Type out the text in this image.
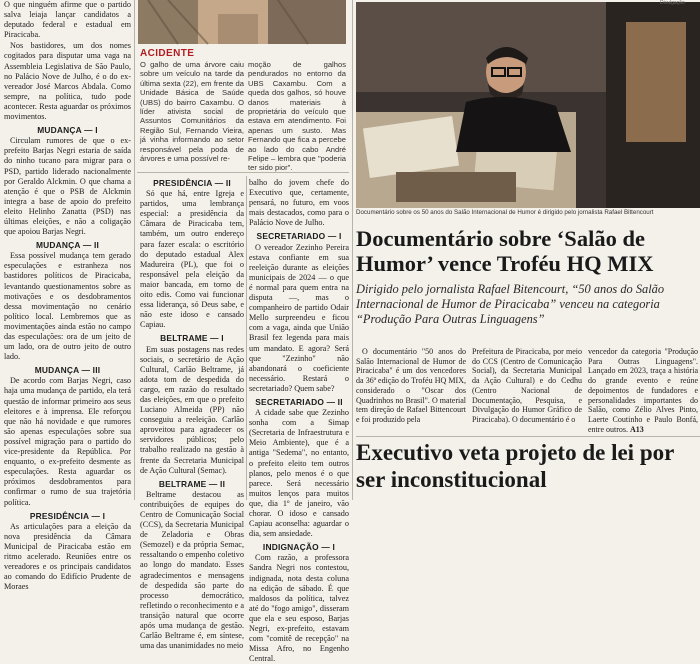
O que ninguém afirme que o partido salva leiaja lançar candidatos a deputado federal e estadual em Piracicaba.

Nos bastidores, um dos nomes cogitados para disputar uma vaga na Assembleia Legislativa de São Paulo, no Palácio Nove de Julho, é o do ex-vereador José Marcos Abdala. Como sempre, na política, tudo pode acontecer. Resta aguardar os próximos movimentos.

MUDANÇA — I

Circulam rumores de que o ex-prefeito Barjas Negri estaria de saída do ninho tucano para migrar para o PSD, partido liderado nacionalmente por Geraldo Alckmin. O que chama a atenção é que o PSB de Alckmin integra a base de apoio do prefeito eleito Helinho Zanatta (PSD) nas últimas eleições, e não a coligação que apoiou Barjas Negri.

MUDANÇA — II

Essa possível mudança tem gerado especulações e estranheza nos bastidores políticos de Piracicaba, levantando questionamentos sobre as motivações e os desdobramentos dessa movimentação no cenário político local. Lembremos que as movimentações ainda estão no campo das especulações: ora de um jeito de um lado, ora de outro jeito de outro lado.

MUDANÇA — III

De acordo com Barjas Negri, caso haja uma mudança de partido, ela terá questão de informar primeiro aos seus eleitores e à imprensa. Ele reforçou que não há novidade e que rumores são apenas especulações sobre sua possível migração para o partido do vice-presidente da República. Por enquanto, o ex-prefeito desmente as especulações. Resta aguardar os próximos desdobramentos para confirmar o rumo de sua trajetória política.

PRESIDÊNCIA — I

As articulações para a eleição da nova presidência da Câmara Municipal de Piracicaba estão em ritmo acelerado. Reuniões entre os vereadores e os principais candidatos ao comando do Edifício Prudente de Moraes

ACIDENTE
O galho de uma árvore caiu sobre um veículo na tarde da última sexta (22), em frente da Unidade Básica de Saúde (UBS) do bairro Caxambu. O líder ativista social de Assuntos Comunitários da Região Sul, Fernando Vieira, já vinha informando ao setor responsável pela poda de árvores e uma possível re-
moção de galhos pendurados no entorno da UBS Caxambu. Com a queda dos galhos, só houve danos materiais à proprietária do veículo que estava em atendimento. Foi apenas um susto. Mas Fernando que fica a percebe ao lado do cabo André Felipe – lembra que "poderia ter sido pior".
PRESIDÊNCIA — II

Só que há, entre Igreja e partidos, uma lembrança especial: a presidência da Câmara de Piracicaba tem, também, um outro endereço para fazer escala: o escritório do deputado estadual Alex Madureira (PL), que foi o responsável pela eleição da maior bancada, em torno de oito edis. Como vai funcionar essa liderança, só Deus sabe, e não este idoso e cansado Capiau.

BELTRAME — I

Em suas postagens nas redes sociais, o secretário de Ação Cultural, Carlão Beltrame, já adota tom de despedida do cargo, em razão do resultado das eleições, em que o prefeito Luciano Almeida (PP) não conseguiu a reeleição. Carlão aproveitou para agradecer os servidores públicos; pelo trabalho realizado na gestão à frente da Secretaria Municipal de Ação Cultural (Semac).

BELTRAME — II

Beltrame destacou as contribuições de equipes do Centro de Comunicação Social (CCS), da Secretaria Municipal de Zeladoria e Obras (Semozel) e da própria Semac, ressaltando o empenho coletivo ao longo do mandato. Esses agradecimentos e mensagens de despedida são parte do processo democrático, refletindo o reconhecimento e a transição natural que ocorre após uma mudança de gestão. Carlão Beltrame é, em síntese, uma das unanimidades no meio

balho do jovem chefe do Executivo que, certamente, pensará, no futuro, em voos mais destacados, como para o Palácio Nove de Julho.

SECRETARIADO — I

O vereador Zezinho Pereira estava confiante em sua reeleição durante as eleições municipais de 2024 — o que é normal para quem entra na disputa —, mas o companheiro de partido Odair Mello surpreendeu e ficou com a vaga, ainda que União Brasil fez legenda para mais um mandato. E agora? Será que "Zezinho" não abandonará o coeficiente necessário. Restará o secretariado? Quem sabe?

SECRETARIADO — II

A cidade sabe que Zezinho sonha com a Simap (Secretaria de Infraestrutura e Meio Ambiente), que é a antiga "Sedema", no entanto, o prefeito eleito tem outros planos, pelo menos é o que parece. Será necessário muitos lenços para muitos que, dia 1º de janeiro, vão chorar. O idoso e cansado Capiau aconselha: aguardar o dia, sem ansiedade.

INDIGNAÇÃO — I

Com razão, a professora Sandra Negri nos contestou, indignada, nota desta coluna na edição de sábado. É que maldosos da política, talvez até do "fogo amigo", disseram que ela e seu esposo, Barjas Negri, ex-prefeito, estavam com "comitê de recepção" na Missa Afro, no Engenho Central.

Divulgação
Documentário sobre os 50 anos do Salão Internacional de Humor é dirigido pelo jornalista Rafael Bittencourt
Documentário sobre ‘Salão de Humor’ vence Troféu HQ MIX
Dirigido pelo jornalista Rafael Bitencourt, “50 anos do Salão Internacional de Humor de Piracicaba” venceu na categoria “Produção Para Outras Linguagens”

O documentário "50 anos do Salão Internacional de Humor de Piracicaba" é um dos vencedores da 36ª edição do Troféu HQ MIX, considerado o "Oscar dos Quadrinhos no Brasil". O material tem direção de Rafael Bittencourt e foi produzido pela

Prefeitura de Piracicaba, por meio do CCS (Centro de Comunicação Social), da Secretaria Municipal da Ação Cultural) e do Cedhu (Centro Nacional de Documentação, Pesquisa, e Divulgação do Humor Gráfico de Piracicaba). O documentário é o

vencedor da categoria "Produção Para Outras Linguagens". Lançado em 2023, traça a história do grande evento e reúne depoimentos de fundadores e personalidades importantes do Salão, como Zélio Alves Pinto, Laerte Coutinho e Paulo Bonfá, entre outros. A13

Executivo veta projeto de lei por ser inconstitucional
